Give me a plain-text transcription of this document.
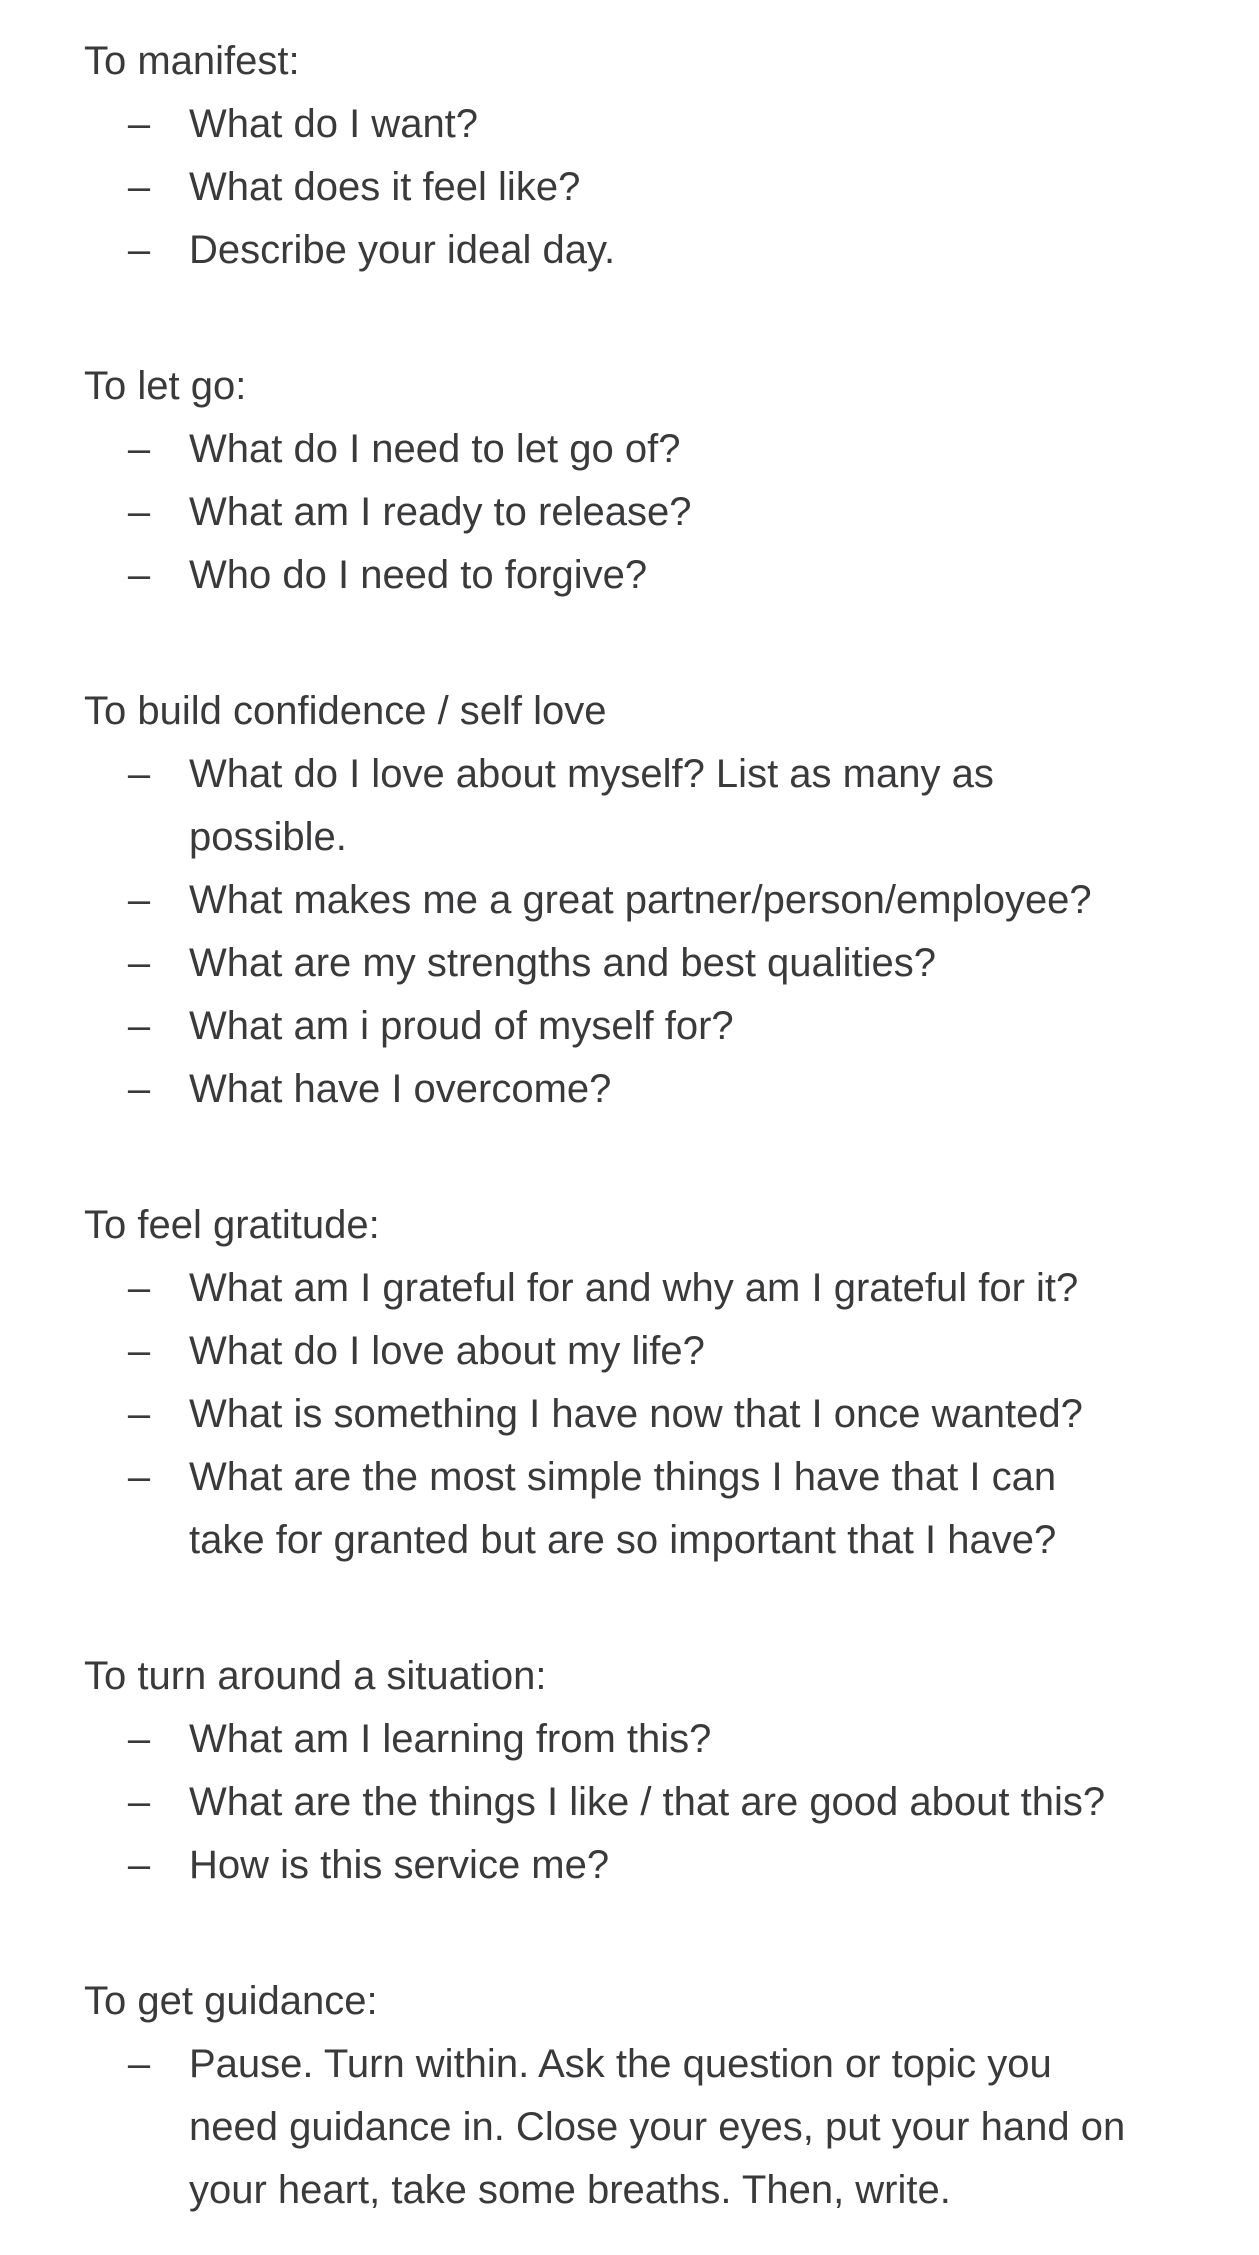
To manifest:

– What do I want?
– What does it feel like?
– Describe your ideal day.

To let go:

– What do I need to let go of?
– What am I ready to release?
– Who do I need to forgive?

To build confidence / self love

– What do I love about myself? List as many as possible.
– What makes me a great partner/person/employee?
– What are my strengths and best qualities?
– What am i proud of myself for?
– What have I overcome?

To feel gratitude:

– What am I grateful for and why am I grateful for it?
– What do I love about my life?
– What is something I have now that I once wanted?
– What are the most simple things I have that I can take for granted but are so important that I have?

To turn around a situation:

– What am I learning from this?
– What are the things I like / that are good about this?
– How is this service me?

To get guidance:

– Pause. Turn within. Ask the question or topic you need guidance in. Close your eyes, put your hand on your heart, take some breaths. Then, write.
